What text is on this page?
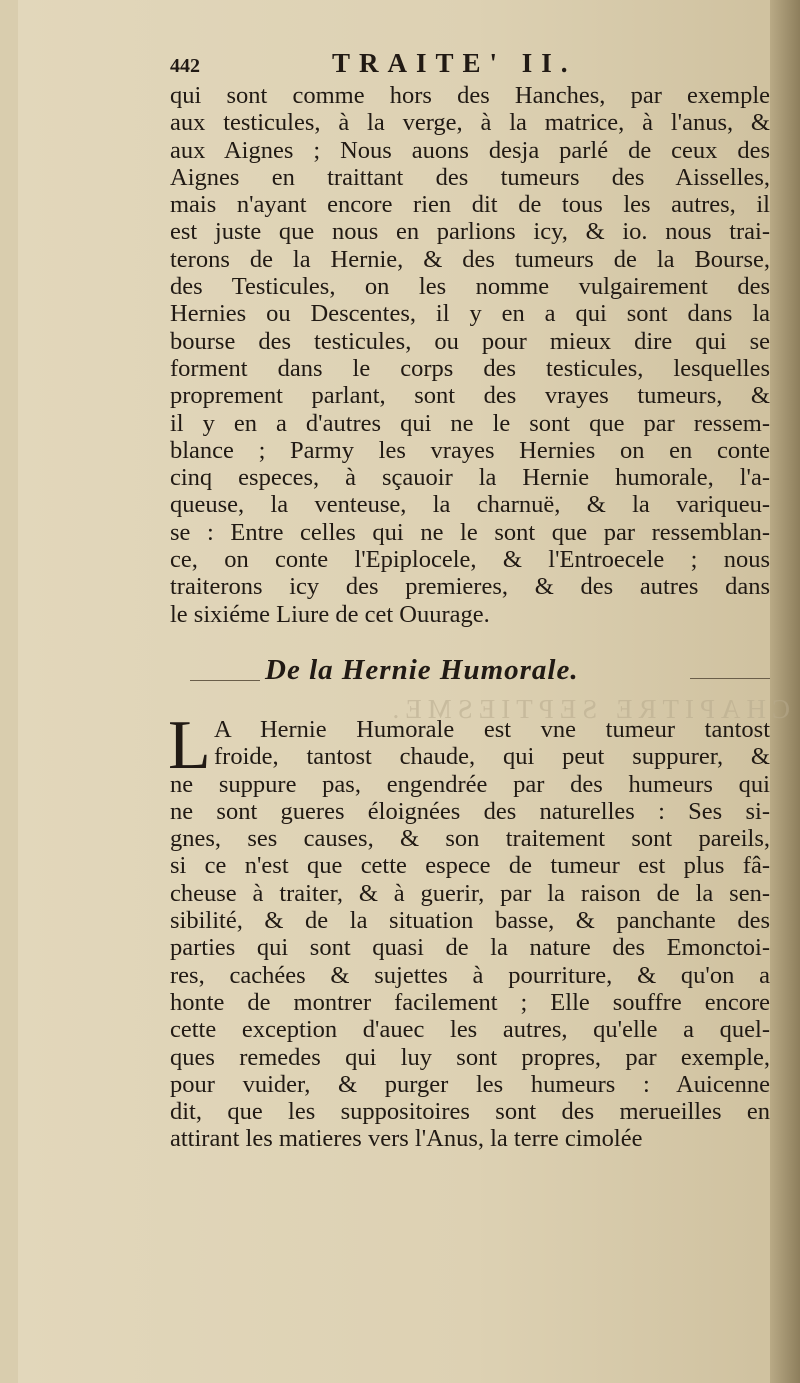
442	TRAITE' II.
qui sont comme hors des Hanches, par exemple
aux testicules, à la verge, à la matrice, à l'anus, &
aux Aignes ; Nous auons desja parlé de ceux des
Aignes en traittant des tumeurs des Aisselles,
mais n'ayant encore rien dit de tous les autres, il
est juste que nous en parlions icy, & io. nous trai-
terons de la Hernie, & des tumeurs de la Bourse,
des Testicules, on les nomme vulgairement des
Hernies ou Descentes, il y en a qui sont dans la
bourse des testicules, ou pour mieux dire qui se
forment dans le corps des testicules, lesquelles
proprement parlant, sont des vrayes tumeurs, &
il y en a d'autres qui ne le sont que par ressem-
blance ; Parmy les vrayes Hernies on en conte
cinq especes, à sçauoir la Hernie humorale, l'a-
queuse, la venteuse, la charnuë, & la variqueu-
se : Entre celles qui ne le sont que par ressemblan-
ce, on conte l'Epiplocele, & l'Entroecele ; nous
traiterons icy des premieres, & des autres dans
le sixiéme Liure de cet Ouurage.
De la Hernie Humorale.
CHAPITRE SEPTIESME.
L A Hernie Humorale est vne tumeur tantost
froide, tantost chaude, qui peut suppurer, &
ne suppure pas, engendrée par des humeurs qui
ne sont gueres éloignées des naturelles : Ses si-
gnes, ses causes, & son traitement sont pareils,
si ce n'est que cette espece de tumeur est plus fâ-
cheuse à traiter, & à guerir, par la raison de la sen-
sibilité, & de la situation basse, & panchante des
parties qui sont quasi de la nature des Emonctoi-
res, cachées & sujettes à pourriture, & qu'on a
honte de montrer facilement ; Elle souffre encore
cette exception d'auec les autres, qu'elle a quel-
ques remedes qui luy sont propres, par exemple,
pour vuider, & purger les humeurs : Auicenne
dit, que les suppositoires sont des merueilles en
attirant les matieres vers l'Anus, la terre cimolée
